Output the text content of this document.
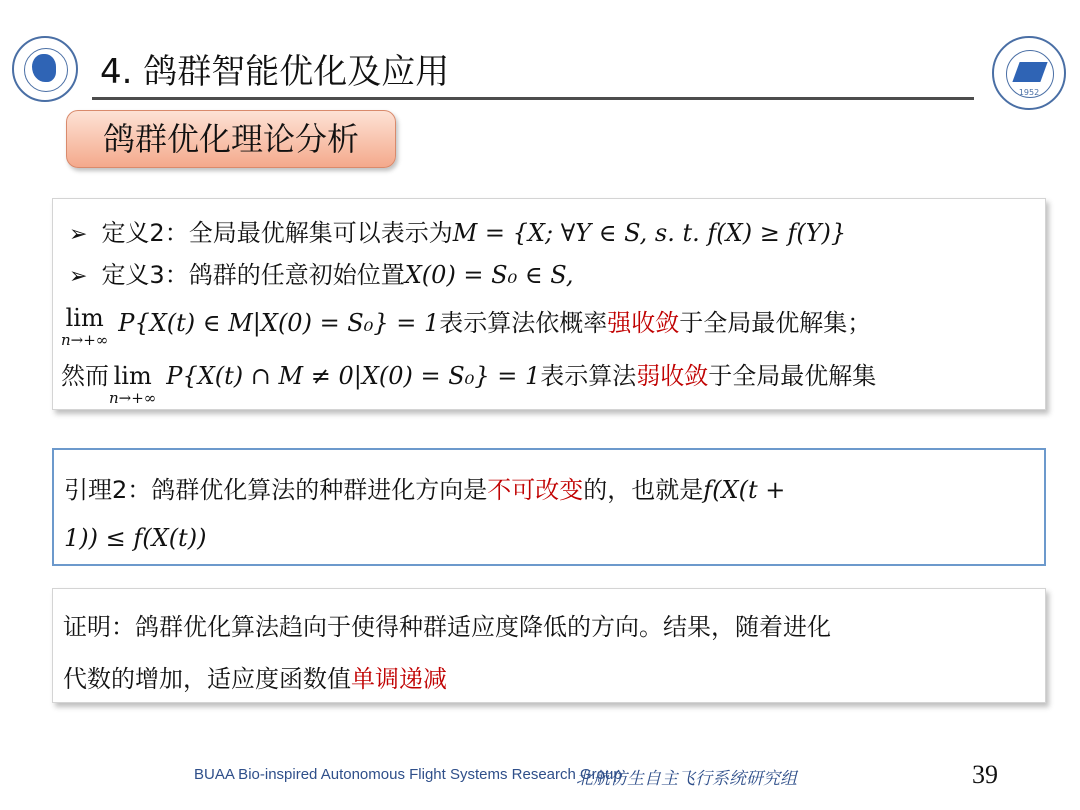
1952
4. 鸽群智能优化及应用
鸽群优化理论分析
➢ 定义2：全局最优解集可以表示为M = {X; ∀Y ∈ S, s. t. f(X) ≥ f(Y)}
➢ 定义3：鸽群的任意初始位置X(0) = S₀ ∈ S,
lim
n→+∞
P{X(t) ∈ M|X(0) = S₀} = 1表示算法依概率强收敛于全局最优解集；
然而 lim
n→+∞
P{X(t) ∩ M ≠ 0|X(0) = S₀} = 1表示算法弱收敛于全局最优解集
引理2：鸽群优化算法的种群进化方向是不可改变的，也就是f(X(t +
1)) ≤ f(X(t))
证明：鸽群优化算法趋向于使得种群适应度降低的方向。结果，随着进化
代数的增加，适应度函数值单调递减
BUAA Bio-inspired Autonomous Flight Systems Research Group
北航仿生自主飞行系统研究组	39
